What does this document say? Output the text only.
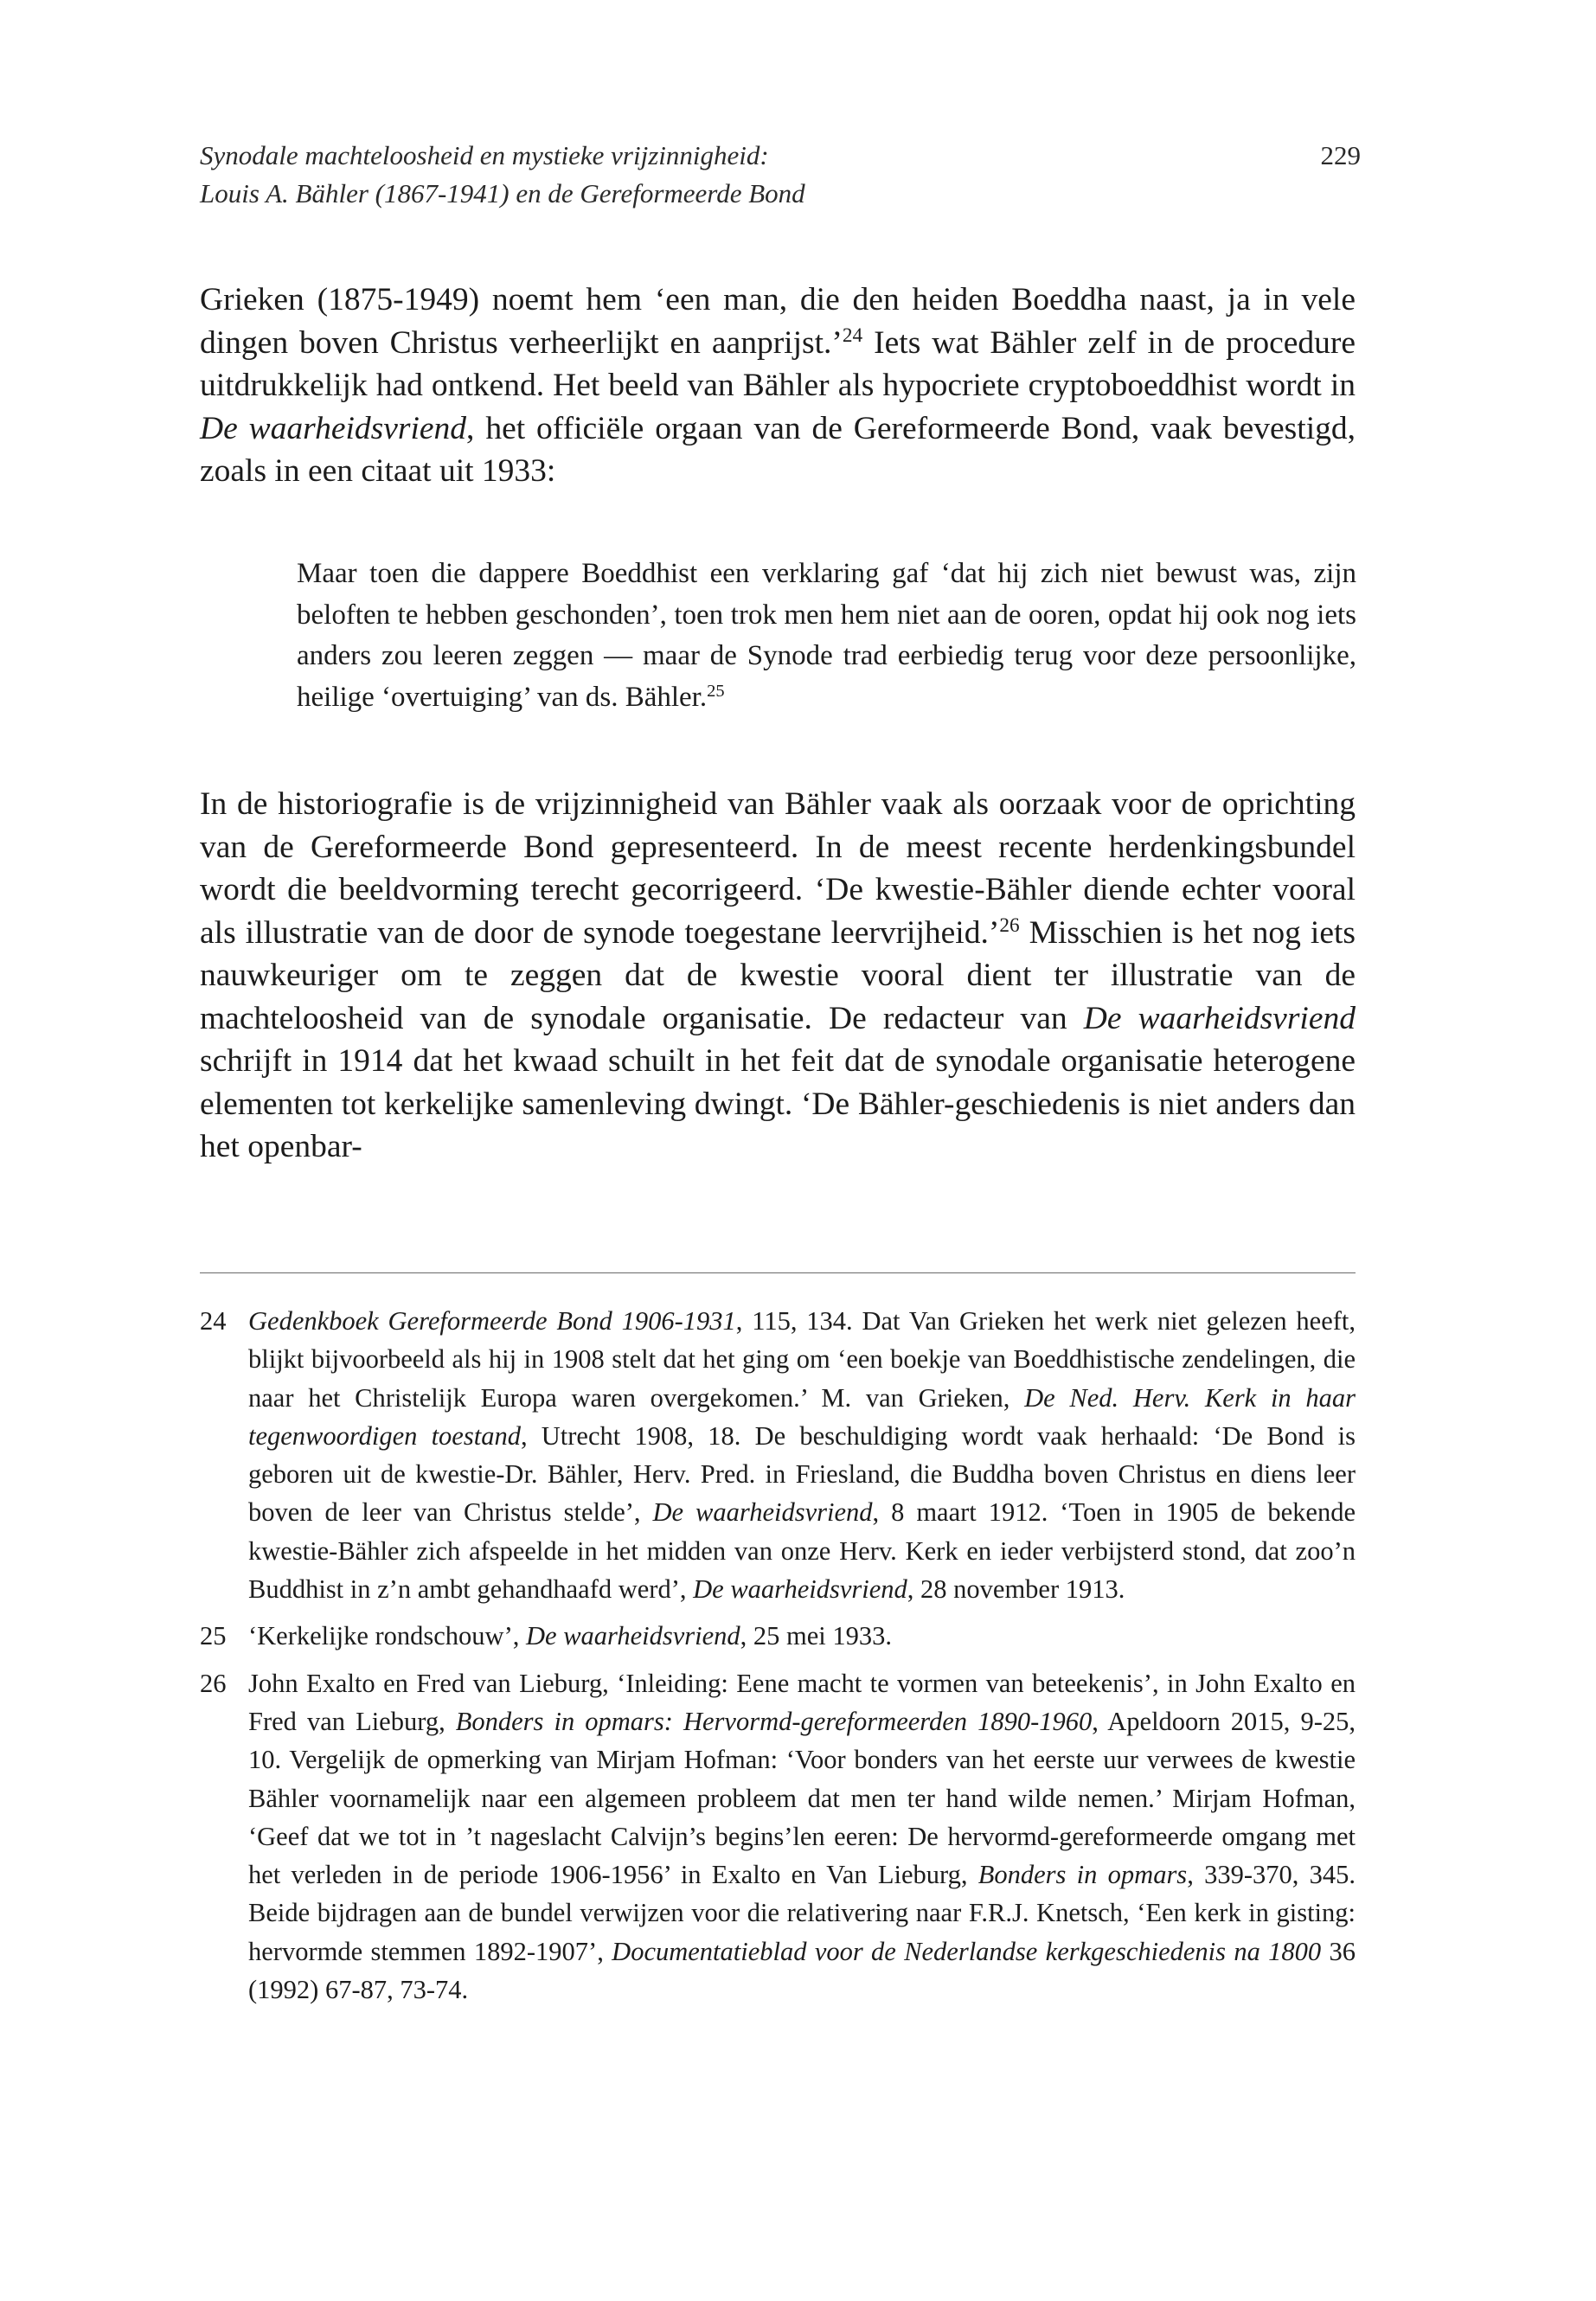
Synodale machteloosheid en mystieke vrijzinnigheid:
Louis A. Bähler (1867-1941) en de Gereformeerde Bond
229

Grieken (1875-1949) noemt hem ‘een man, die den heiden Boeddha naast, ja in vele dingen boven Christus verheerlijkt en aanprijst.’$^{24}$ Iets wat Bähler zelf in de procedure uitdrukkelijk had ontkend. Het beeld van Bähler als hypocriete cryptoboeddhist wordt in De waarheidsvriend, het officiële orgaan van de Gereformeerde Bond, vaak bevestigd, zoals in een citaat uit 1933:

Maar toen die dappere Boeddhist een verklaring gaf ‘dat hij zich niet bewust was, zijn beloften te hebben geschonden’, toen trok men hem niet aan de ooren, opdat hij ook nog iets anders zou leeren zeggen — maar de Synode trad eerbiedig terug voor deze persoonlijke, heilige ‘overtuiging’ van ds. Bähler.$^{25}$

In de historiografie is de vrijzinnigheid van Bähler vaak als oorzaak voor de oprichting van de Gereformeerde Bond gepresenteerd. In de meest recente herdenkingsbundel wordt die beeldvorming terecht gecorrigeerd. ‘De kwestie-Bähler diende echter vooral als illustratie van de door de synode toegestane leervrijheid.’$^{26}$ Misschien is het nog iets nauwkeuriger om te zeggen dat de kwestie vooral dient ter illustratie van de machteloosheid van de synodale organisatie. De redacteur van De waarheidsvriend schrijft in 1914 dat het kwaad schuilt in het feit dat de synodale organisatie heterogene elementen tot kerkelijke samenleving dwingt. ‘De Bähler-geschiedenis is niet anders dan het openbar-

24 Gedenkboek Gereformeerde Bond 1906-1931, 115, 134. Dat Van Grieken het werk niet gelezen heeft, blijkt bijvoorbeeld als hij in 1908 stelt dat het ging om ‘een boekje van Boeddhistische zendelingen, die naar het Christelijk Europa waren overgekomen.’ M. van Grieken, De Ned. Herv. Kerk in haar tegenwoordigen toestand, Utrecht 1908, 18. De beschuldiging wordt vaak herhaald: ‘De Bond is geboren uit de kwestie-Dr. Bähler, Herv. Pred. in Friesland, die Buddha boven Christus en diens leer boven de leer van Christus stelde’, De waarheidsvriend, 8 maart 1912. ‘Toen in 1905 de bekende kwestie-Bähler zich afspeelde in het midden van onze Herv. Kerk en ieder verbijsterd stond, dat zoo’n Buddhist in z’n ambt gehandhaafd werd’, De waarheidsvriend, 28 november 1913.
25 ‘Kerkelijke rondschouw’, De waarheidsvriend, 25 mei 1933.
26 John Exalto en Fred van Lieburg, ‘Inleiding: Eene macht te vormen van beteekenis’, in John Exalto en Fred van Lieburg, Bonders in opmars: Hervormd-gereformeerden 1890-1960, Apeldoorn 2015, 9-25, 10. Vergelijk de opmerking van Mirjam Hofman: ‘Voor bonders van het eerste uur verwees de kwestie Bähler voornamelijk naar een algemeen probleem dat men ter hand wilde nemen.’ Mirjam Hofman, ‘Geef dat we tot in ’t nageslacht Calvijn’s begins’len eeren: De hervormd-gereformeerde omgang met het verleden in de periode 1906-1956’ in Exalto en Van Lieburg, Bonders in opmars, 339-370, 345. Beide bijdragen aan de bundel verwijzen voor die relativering naar F.R.J. Knetsch, ‘Een kerk in gisting: hervormde stemmen 1892-1907’, Documentatieblad voor de Nederlandse kerkgeschiedenis na 1800 36 (1992) 67-87, 73-74.
